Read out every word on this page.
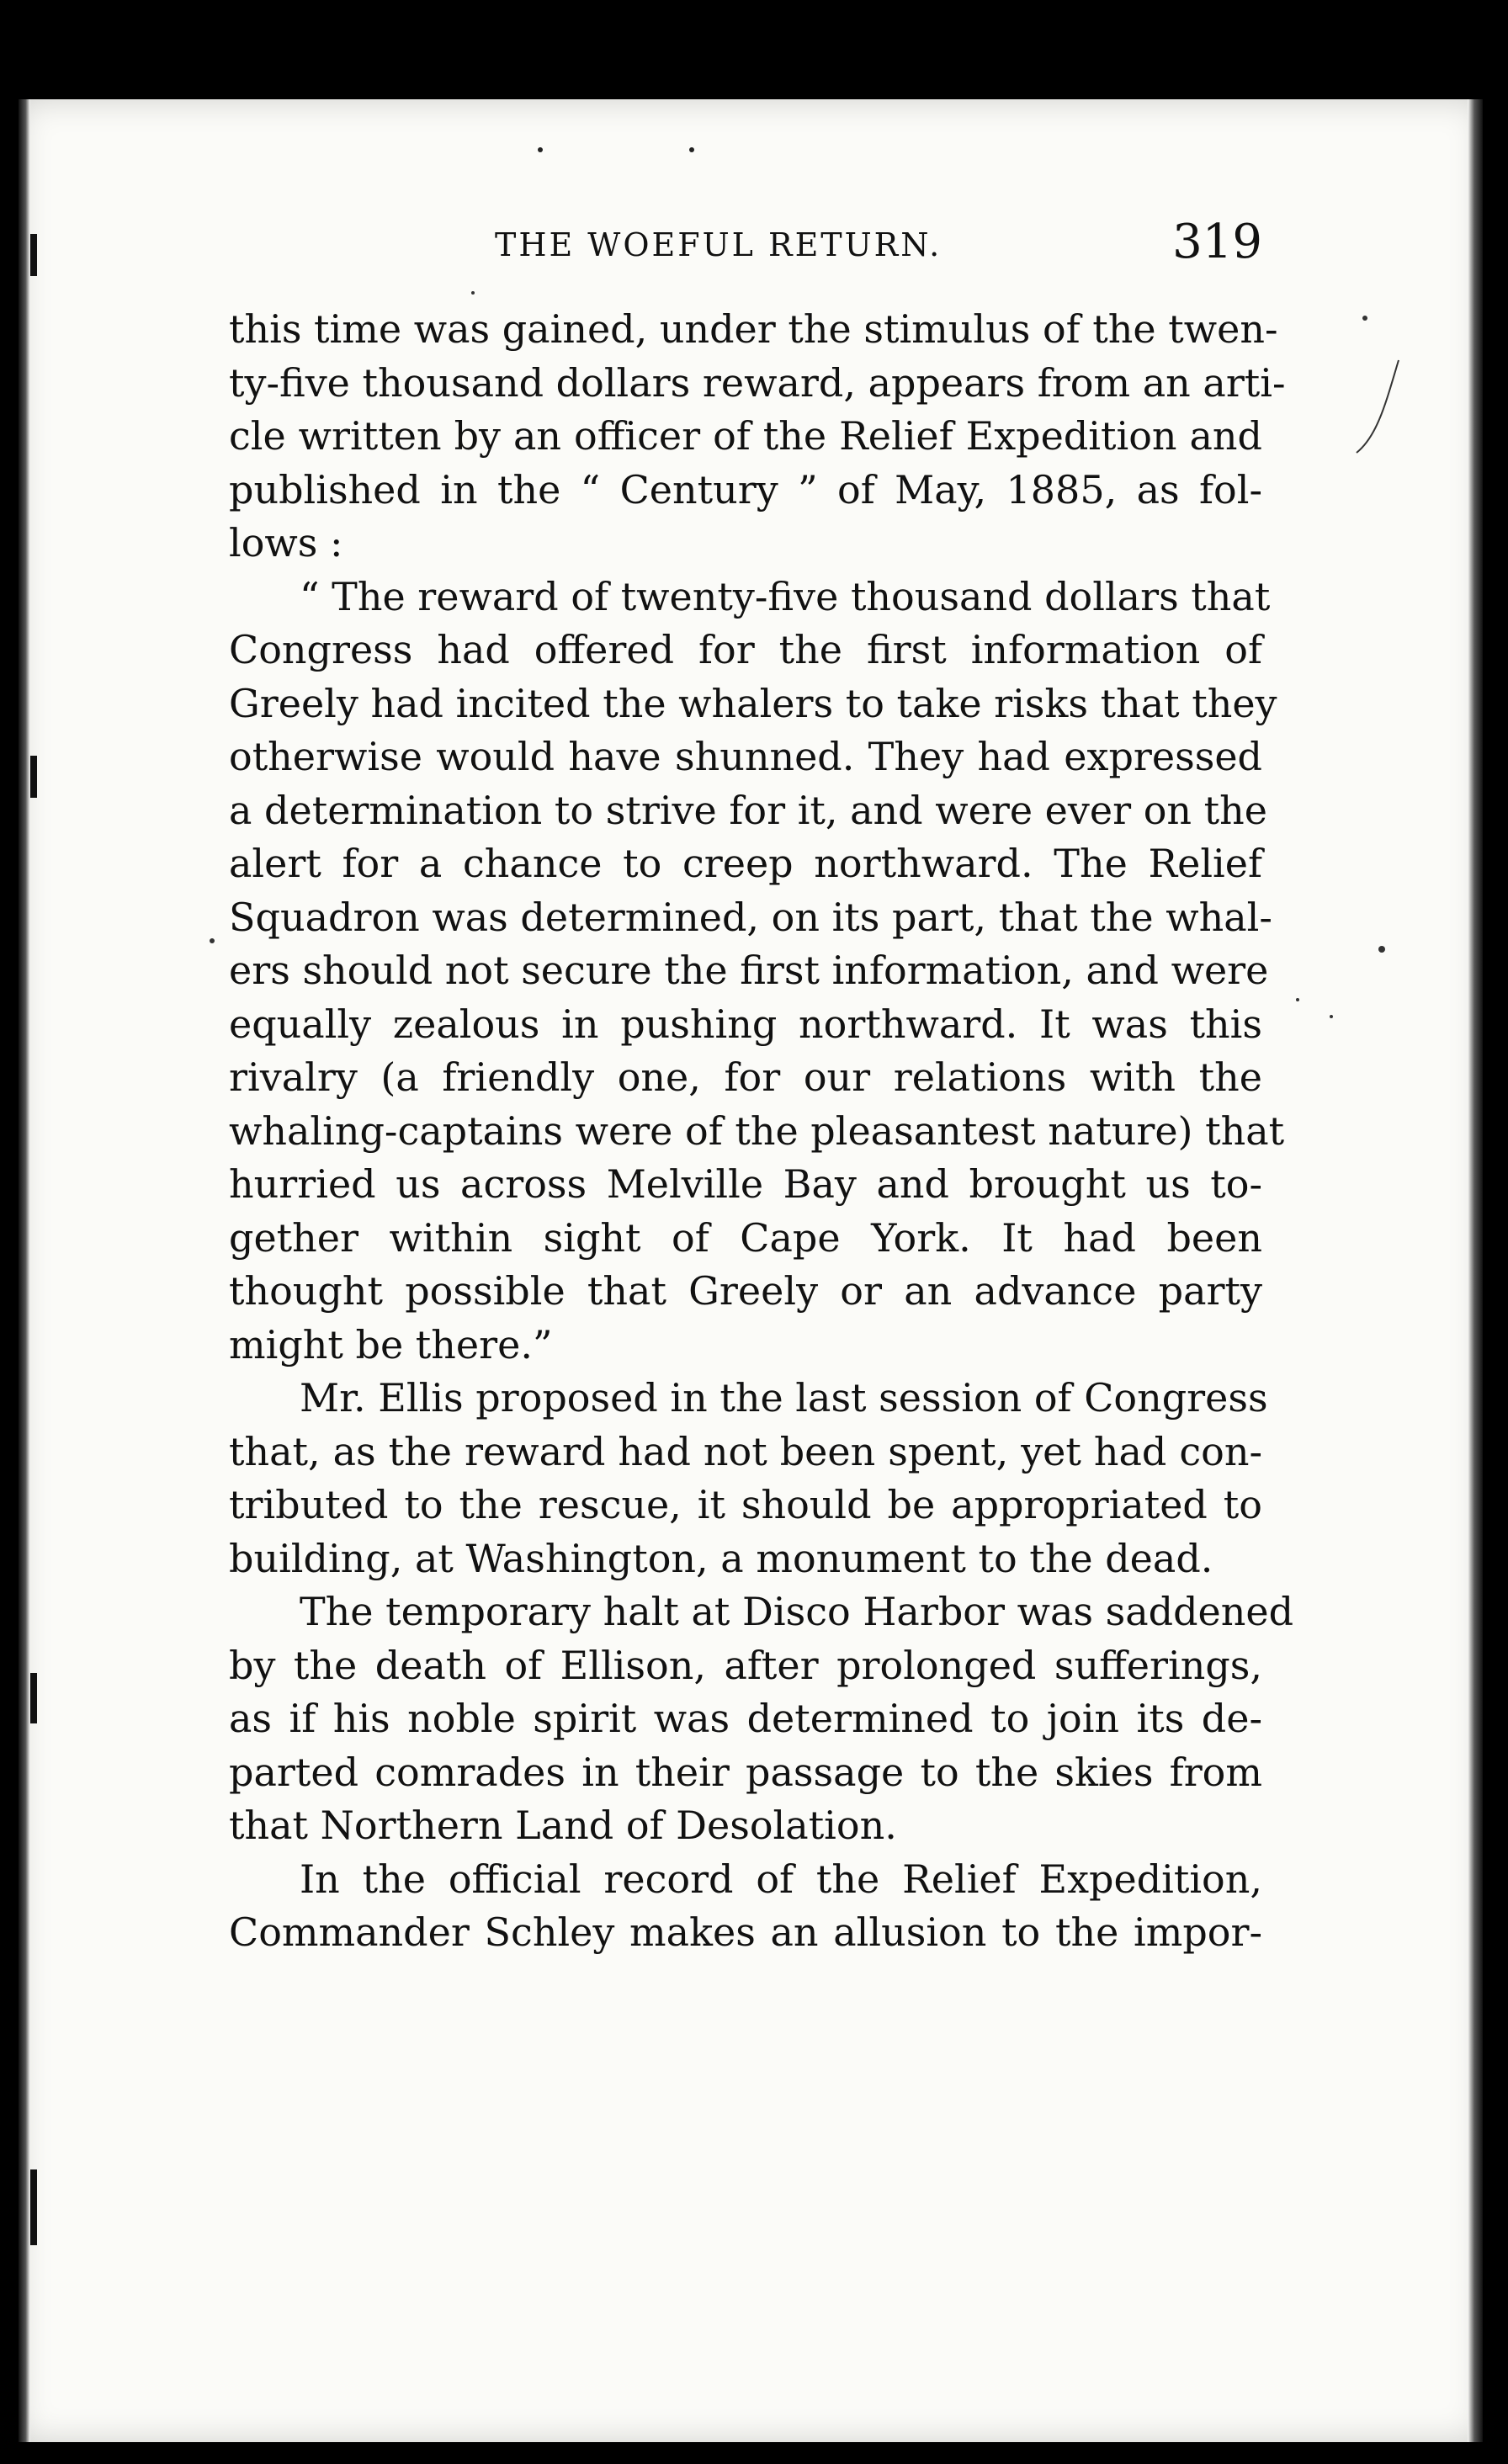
THE WOEFUL RETURN.	319
this time was gained, under the stimulus of the twen-
ty-five thousand dollars reward, appears from an arti-
cle written by an officer of the Relief Expedition and
published in the “ Century ” of May, 1885, as fol-
lows :
“ The reward of twenty-five thousand dollars that
Congress had offered for the first information of
Greely had incited the whalers to take risks that they
otherwise would have shunned. They had expressed
a determination to strive for it, and were ever on the
alert for a chance to creep northward. The Relief
Squadron was determined, on its part, that the whal-
ers should not secure the first information, and were
equally zealous in pushing northward. It was this
rivalry (a friendly one, for our relations with the
whaling-captains were of the pleasantest nature) that
hurried us across Melville Bay and brought us to-
gether within sight of Cape York. It had been
thought possible that Greely or an advance party
might be there.”
Mr. Ellis proposed in the last session of Congress
that, as the reward had not been spent, yet had con-
tributed to the rescue, it should be appropriated to
building, at Washington, a monument to the dead.
The temporary halt at Disco Harbor was saddened
by the death of Ellison, after prolonged sufferings,
as if his noble spirit was determined to join its de-
parted comrades in their passage to the skies from
that Northern Land of Desolation.
In the official record of the Relief Expedition,
Commander Schley makes an allusion to the impor-
